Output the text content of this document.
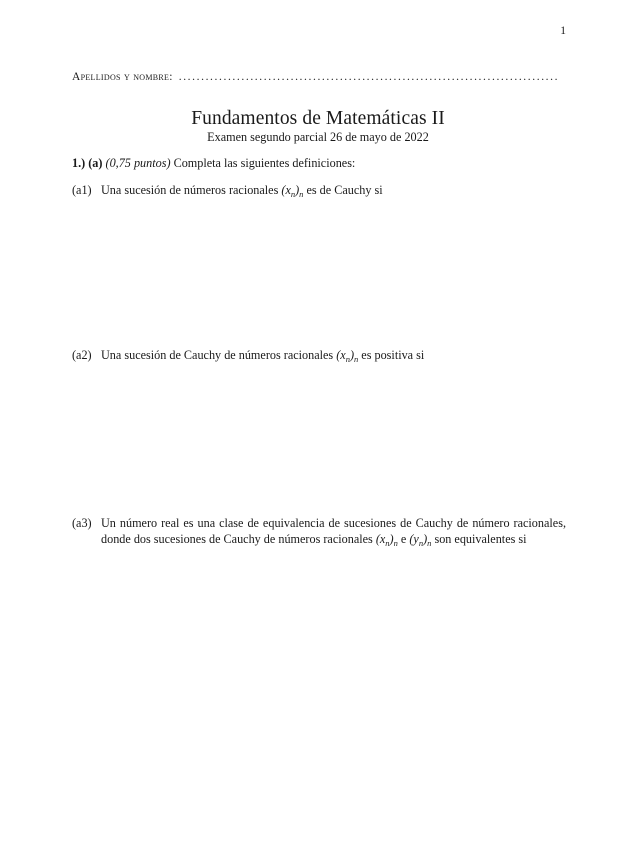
1
Apellidos y nombre: .....................................................................................
Fundamentos de Matemáticas II
Examen segundo parcial 26 de mayo de 2022
1.) (a) (0,75 puntos) Completa las siguientes definiciones:
(a1) Una sucesión de números racionales $(x_n)_n$ es de Cauchy si
(a2) Una sucesión de Cauchy de números racionales $(x_n)_n$ es positiva si
(a3) Un número real es una clase de equivalencia de sucesiones de Cauchy de número racionales, donde dos sucesiones de Cauchy de números racionales $(x_n)_n$ e $(y_n)_n$ son equivalentes si
